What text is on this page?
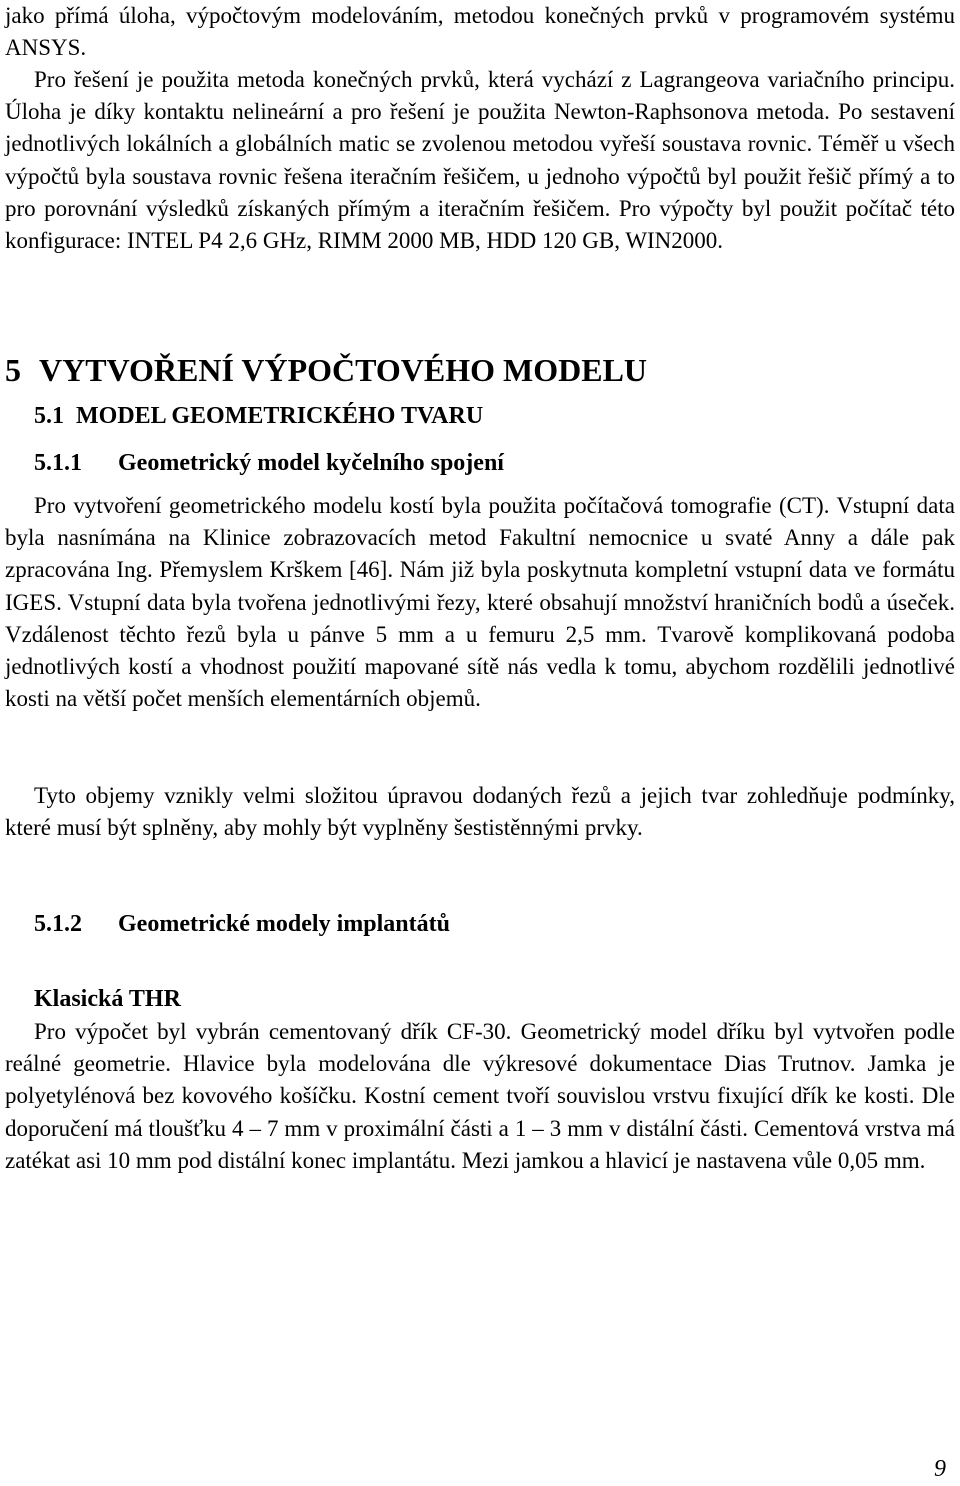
jako přímá úloha, výpočtovým modelováním, metodou konečných prvků v programovém systému ANSYS.

Pro řešení je použita metoda konečných prvků, která vychází z Lagrangeova variačního principu. Úloha je díky kontaktu nelineární a pro řešení je použita Newton-Raphsonova metoda. Po sestavení jednotlivých lokálních a globálních matic se zvolenou metodou vyřeší soustava rovnic. Téměř u všech výpočtů byla soustava rovnic řešena iteračním řešičem, u jednoho výpočtů byl použit řešič přímý a to pro porovnání výsledků získaných přímým a iteračním řešičem. Pro výpočty byl použit počítač této konfigurace: INTEL P4 2,6 GHz, RIMM 2000 MB, HDD 120 GB, WIN2000.

5 VYTVOŘENÍ VÝPOČTOVÉHO MODELU
5.1 MODEL GEOMETRICKÉHO TVARU
5.1.1 Geometrický model kyčelního spojení

Pro vytvoření geometrického modelu kostí byla použita počítačová tomografie (CT). Vstupní data byla nasnímána na Klinice zobrazovacích metod Fakultní nemocnice u svaté Anny a dále pak zpracována Ing. Přemyslem Krškem [46]. Nám již byla poskytnuta kompletní vstupní data ve formátu IGES. Vstupní data byla tvořena jednotlivými řezy, které obsahují množství hraničních bodů a úseček. Vzdálenost těchto řezů byla u pánve 5 mm a u femuru 2,5 mm. Tvarově komplikovaná podoba jednotlivých kostí a vhodnost použití mapované sítě nás vedla k tomu, abychom rozdělili jednotlivé kosti na větší počet menších elementárních objemů.

Tyto objemy vznikly velmi složitou úpravou dodaných řezů a jejich tvar zohledňuje podmínky, které musí být splněny, aby mohly být vyplněny šestistěnnými prvky.

5.1.2 Geometrické modely implantátů
Klasická THR

Pro výpočet byl vybrán cementovaný dřík CF-30. Geometrický model dříku byl vytvořen podle reálné geometrie. Hlavice byla modelována dle výkresové dokumentace Dias Trutnov. Jamka je polyetylénová bez kovového košíčku. Kostní cement tvoří souvislou vrstvu fixující dřík ke kosti. Dle doporučení má tloušťku 4 – 7 mm v proximální části a 1 – 3 mm v distální části. Cementová vrstva má zatékat asi 10 mm pod distální konec implantátu. Mezi jamkou a hlavicí je nastavena vůle 0,05 mm.

9
